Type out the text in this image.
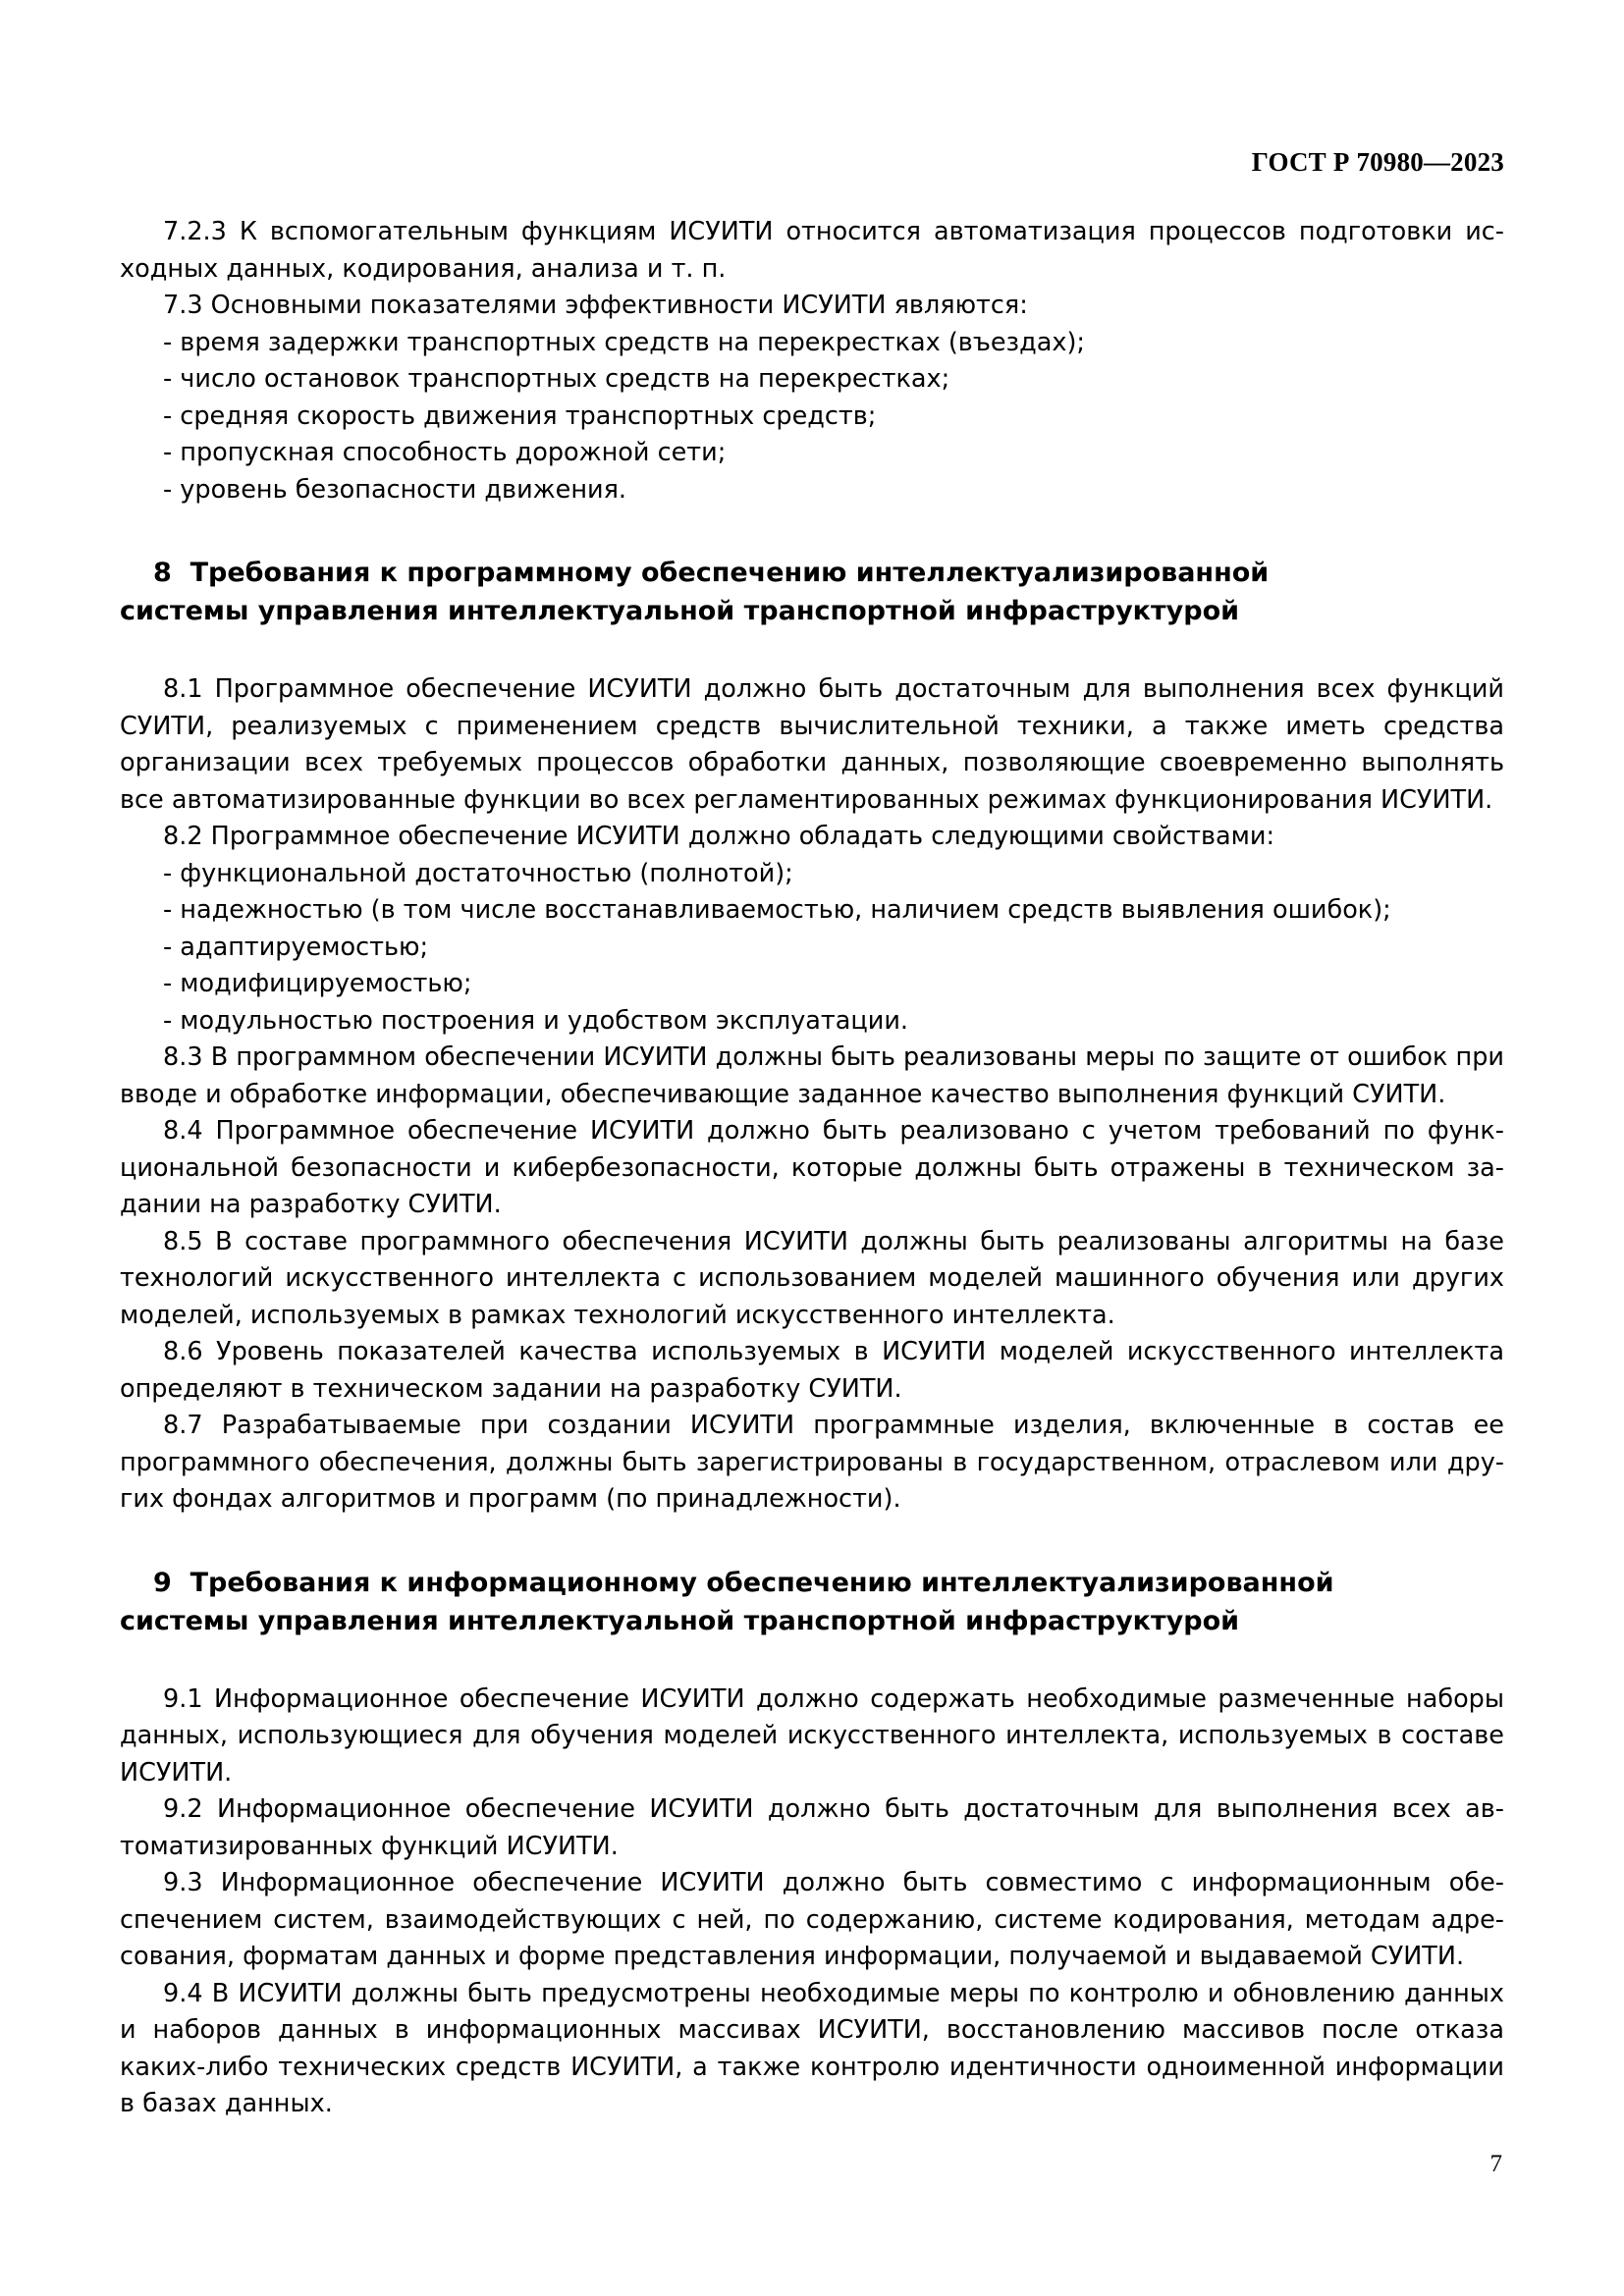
ГОСТ Р 70980—2023

7.2.3 К вспомогательным функциям ИСУИТИ относится автоматизация процессов подготовки исходных данных, кодирования, анализа и т. п.

7.3 Основными показателями эффективности ИСУИТИ являются:

- время задержки транспортных средств на перекрестках (въездах);

- число остановок транспортных средств на перекрестках;

- средняя скорость движения транспортных средств;

- пропускная способность дорожной сети;

- уровень безопасности движения.

8 Требования к программному обеспечению интеллектуализированной
системы управления интеллектуальной транспортной инфраструктурой

8.1 Программное обеспечение ИСУИТИ должно быть достаточным для выполнения всех функций СУИТИ, реализуемых с применением средств вычислительной техники, а также иметь средства организации всех требуемых процессов обработки данных, позволяющие своевременно выполнять все автоматизированные функции во всех регламентированных режимах функционирования ИСУИТИ.

8.2 Программное обеспечение ИСУИТИ должно обладать следующими свойствами:

- функциональной достаточностью (полнотой);

- надежностью (в том числе восстанавливаемостью, наличием средств выявления ошибок);

- адаптируемостью;

- модифицируемостью;

- модульностью построения и удобством эксплуатации.

8.3 В программном обеспечении ИСУИТИ должны быть реализованы меры по защите от ошибок при вводе и обработке информации, обеспечивающие заданное качество выполнения функций СУИТИ.

8.4 Программное обеспечение ИСУИТИ должно быть реализовано с учетом требований по функциональной безопасности и кибербезопасности, которые должны быть отражены в техническом задании на разработку СУИТИ.

8.5 В составе программного обеспечения ИСУИТИ должны быть реализованы алгоритмы на базе технологий искусственного интеллекта с использованием моделей машинного обучения или других моделей, используемых в рамках технологий искусственного интеллекта.

8.6 Уровень показателей качества используемых в ИСУИТИ моделей искусственного интеллекта определяют в техническом задании на разработку СУИТИ.

8.7 Разрабатываемые при создании ИСУИТИ программные изделия, включенные в состав ее программного обеспечения, должны быть зарегистрированы в государственном, отраслевом или других фондах алгоритмов и программ (по принадлежности).

9 Требования к информационному обеспечению интеллектуализированной
системы управления интеллектуальной транспортной инфраструктурой

9.1 Информационное обеспечение ИСУИТИ должно содержать необходимые размеченные наборы данных, использующиеся для обучения моделей искусственного интеллекта, используемых в составе ИСУИТИ.

9.2 Информационное обеспечение ИСУИТИ должно быть достаточным для выполнения всех автоматизированных функций ИСУИТИ.

9.3 Информационное обеспечение ИСУИТИ должно быть совместимо с информационным обеспечением систем, взаимодействующих с ней, по содержанию, системе кодирования, методам адресования, форматам данных и форме представления информации, получаемой и выдаваемой СУИТИ.

9.4 В ИСУИТИ должны быть предусмотрены необходимые меры по контролю и обновлению данных и наборов данных в информационных массивах ИСУИТИ, восстановлению массивов после отказа каких-либо технических средств ИСУИТИ, а также контролю идентичности одноименной информации в базах данных.

7
